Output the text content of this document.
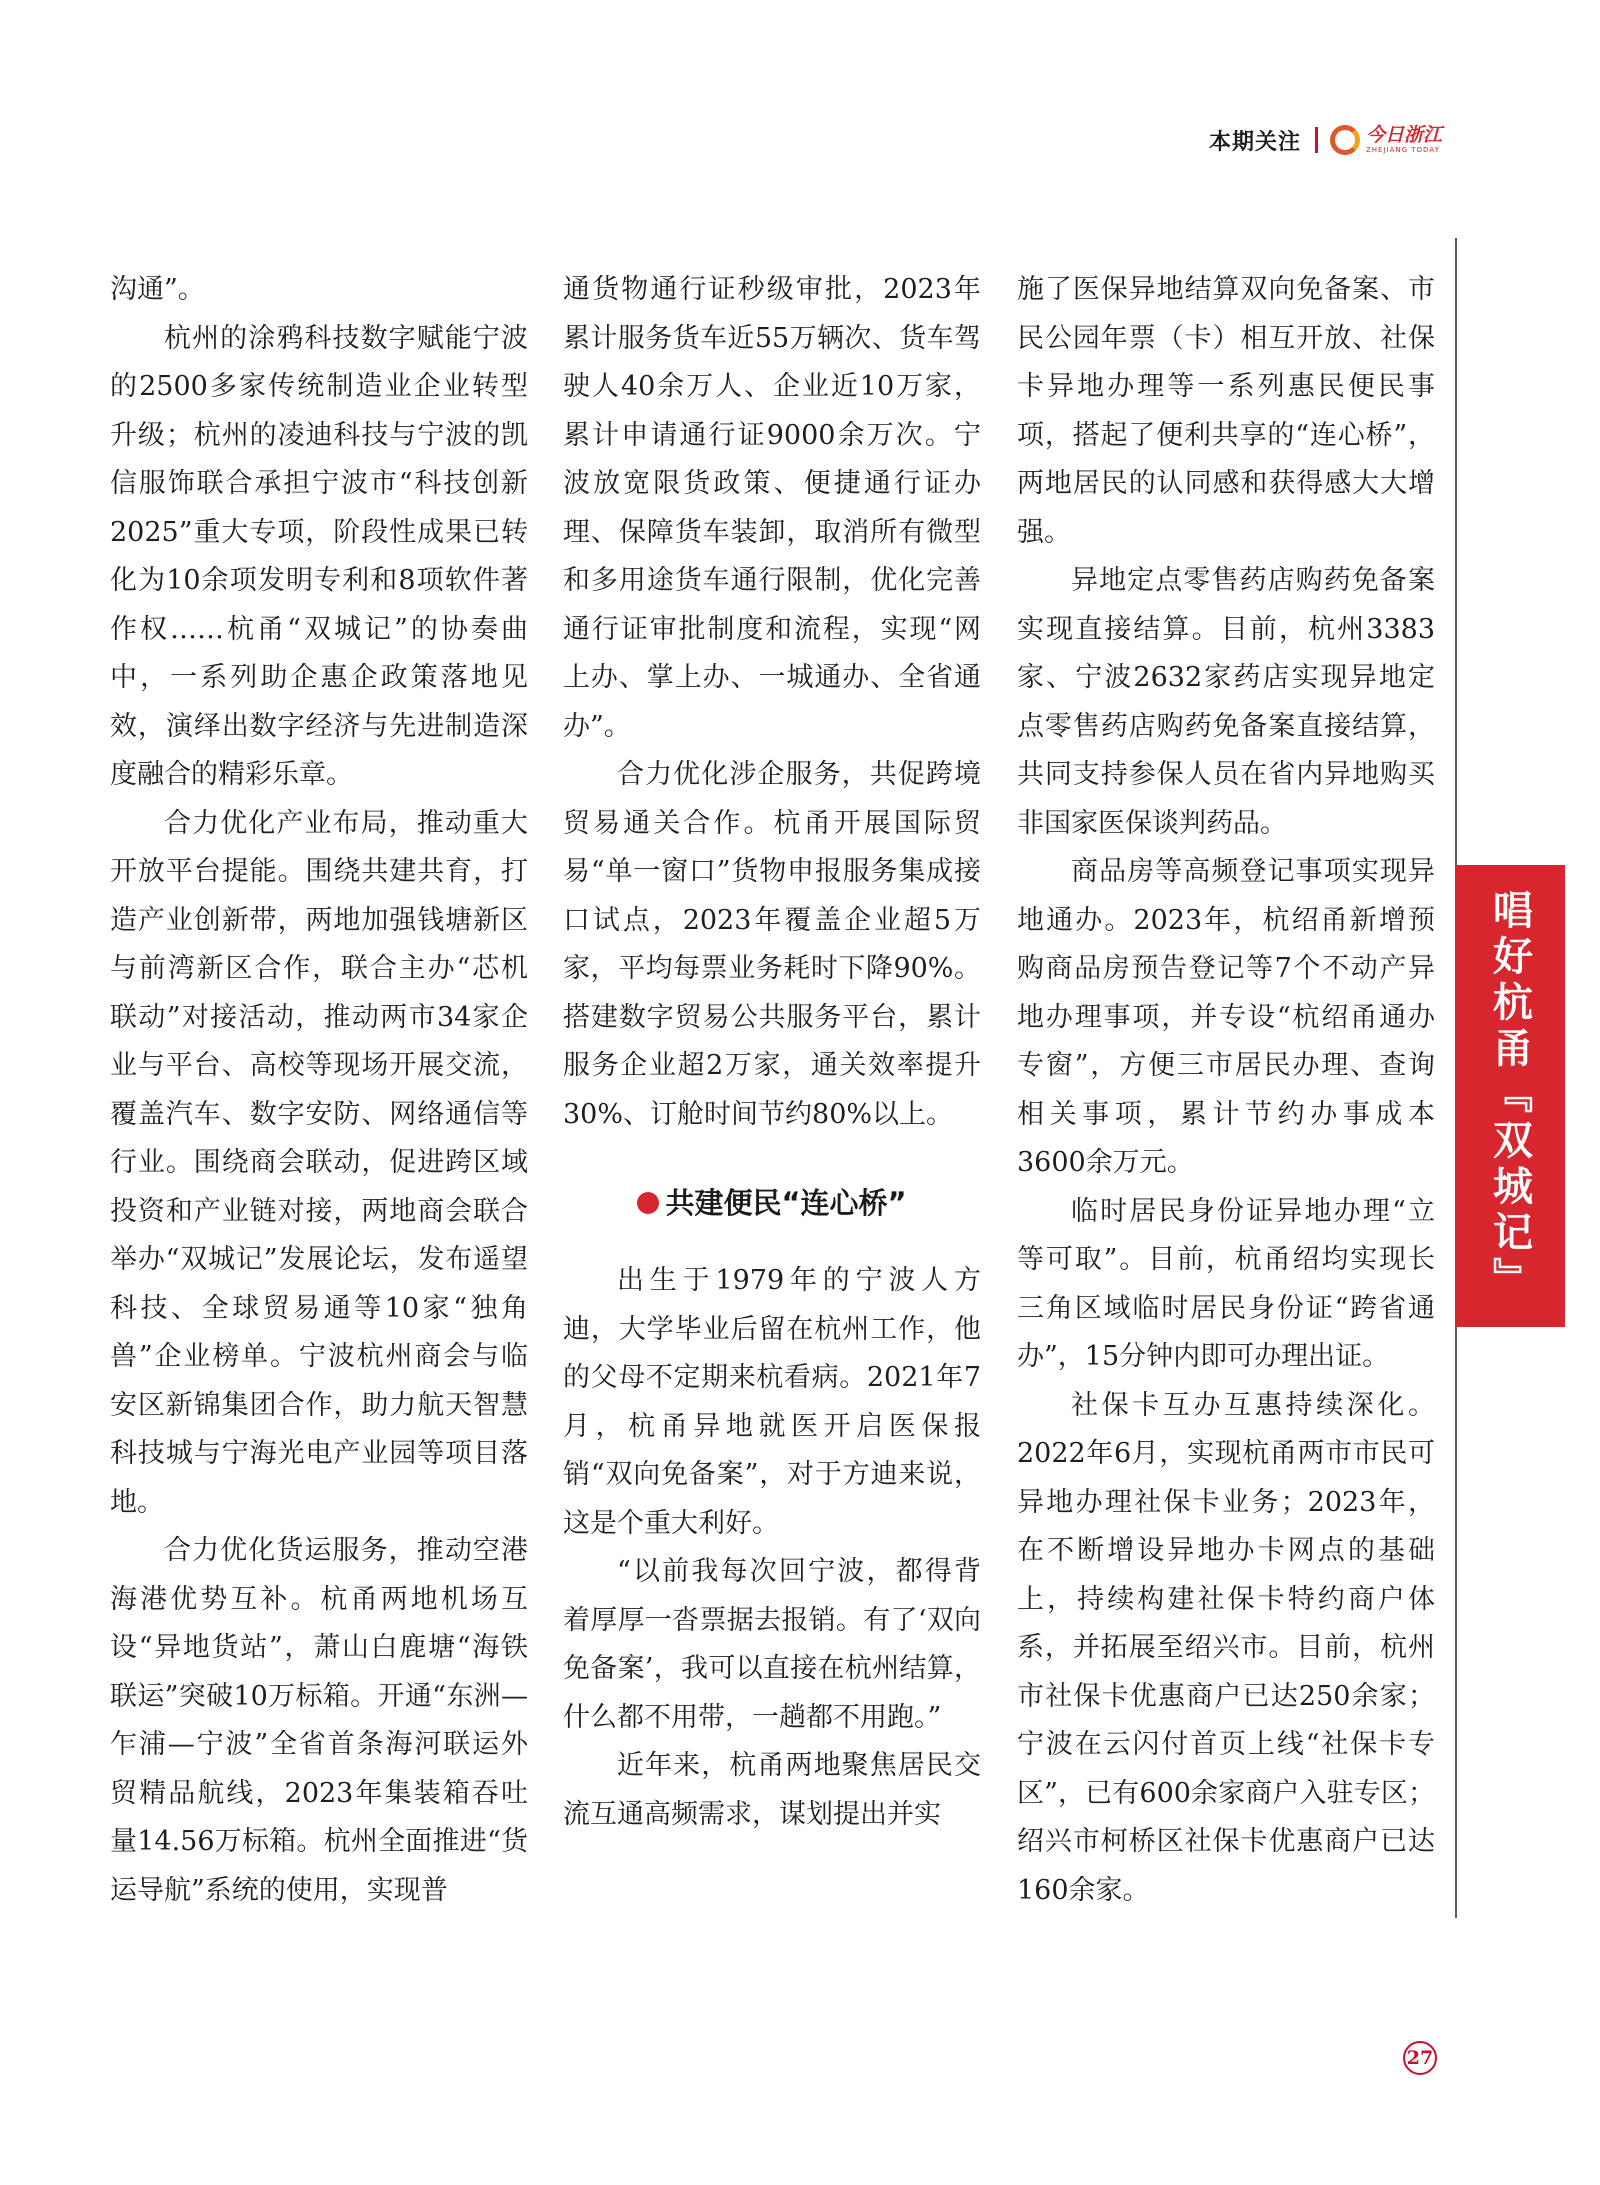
本期关注	今日浙江
ZHEJIANG TODAY

沟通”。

杭州的涂鸦科技数字赋能宁波的2500多家传统制造业企业转型升级；杭州的凌迪科技与宁波的凯信服饰联合承担宁波市“科技创新2025”重大专项，阶段性成果已转化为10余项发明专利和8项软件著作权……杭甬“双城记”的协奏曲中，一系列助企惠企政策落地见效，演绎出数字经济与先进制造深度融合的精彩乐章。

合力优化产业布局，推动重大开放平台提能。围绕共建共育，打造产业创新带，两地加强钱塘新区与前湾新区合作，联合主办“芯机联动”对接活动，推动两市34家企业与平台、高校等现场开展交流，覆盖汽车、数字安防、网络通信等行业。围绕商会联动，促进跨区域投资和产业链对接，两地商会联合举办“双城记”发展论坛，发布遥望科技、全球贸易通等10家“独角兽”企业榜单。宁波杭州商会与临安区新锦集团合作，助力航天智慧科技城与宁海光电产业园等项目落地。

合力优化货运服务，推动空港海港优势互补。杭甬两地机场互设“异地货站”，萧山白鹿塘“海铁联运”突破10万标箱。开通“东洲—乍浦—宁波”全省首条海河联运外贸精品航线，2023年集装箱吞吐量14.56万标箱。杭州全面推进“货运导航”系统的使用，实现普

通货物通行证秒级审批，2023年累计服务货车近55万辆次、货车驾驶人40余万人、企业近10万家，累计申请通行证9000余万次。宁波放宽限货政策、便捷通行证办理、保障货车装卸，取消所有微型和多用途货车通行限制，优化完善通行证审批制度和流程，实现“网上办、掌上办、一城通办、全省通办”。

合力优化涉企服务，共促跨境贸易通关合作。杭甬开展国际贸易“单一窗口”货物申报服务集成接口试点，2023年覆盖企业超5万家，平均每票业务耗时下降90%。搭建数字贸易公共服务平台，累计服务企业超2万家，通关效率提升30%、订舱时间节约80%以上。

共建便民“连心桥”

出生于1979年的宁波人方迪，大学毕业后留在杭州工作，他的父母不定期来杭看病。2021年7月，杭甬异地就医开启医保报销“双向免备案”，对于方迪来说，这是个重大利好。

“以前我每次回宁波，都得背着厚厚一沓票据去报销。有了‘双向免备案’，我可以直接在杭州结算，什么都不用带，一趟都不用跑。”

近年来，杭甬两地聚焦居民交流互通高频需求，谋划提出并实

施了医保异地结算双向免备案、市民公园年票（卡）相互开放、社保卡异地办理等一系列惠民便民事项，搭起了便利共享的“连心桥”，两地居民的认同感和获得感大大增强。

异地定点零售药店购药免备案实现直接结算。目前，杭州3383家、宁波2632家药店实现异地定点零售药店购药免备案直接结算，共同支持参保人员在省内异地购买非国家医保谈判药品。

商品房等高频登记事项实现异地通办。2023年，杭绍甬新增预购商品房预告登记等7个不动产异地办理事项，并专设“杭绍甬通办专窗”，方便三市居民办理、查询相关事项，累计节约办事成本3600余万元。

临时居民身份证异地办理“立等可取”。目前，杭甬绍均实现长三角区域临时居民身份证“跨省通办”，15分钟内即可办理出证。

社保卡互办互惠持续深化。2022年6月，实现杭甬两市市民可异地办理社保卡业务；2023年，在不断增设异地办卡网点的基础上，持续构建社保卡特约商户体系，并拓展至绍兴市。目前，杭州市社保卡优惠商户已达250余家；宁波在云闪付首页上线“社保卡专区”，已有600余家商户入驻专区；绍兴市柯桥区社保卡优惠商户已达160余家。

唱好杭甬『双城记』
27
